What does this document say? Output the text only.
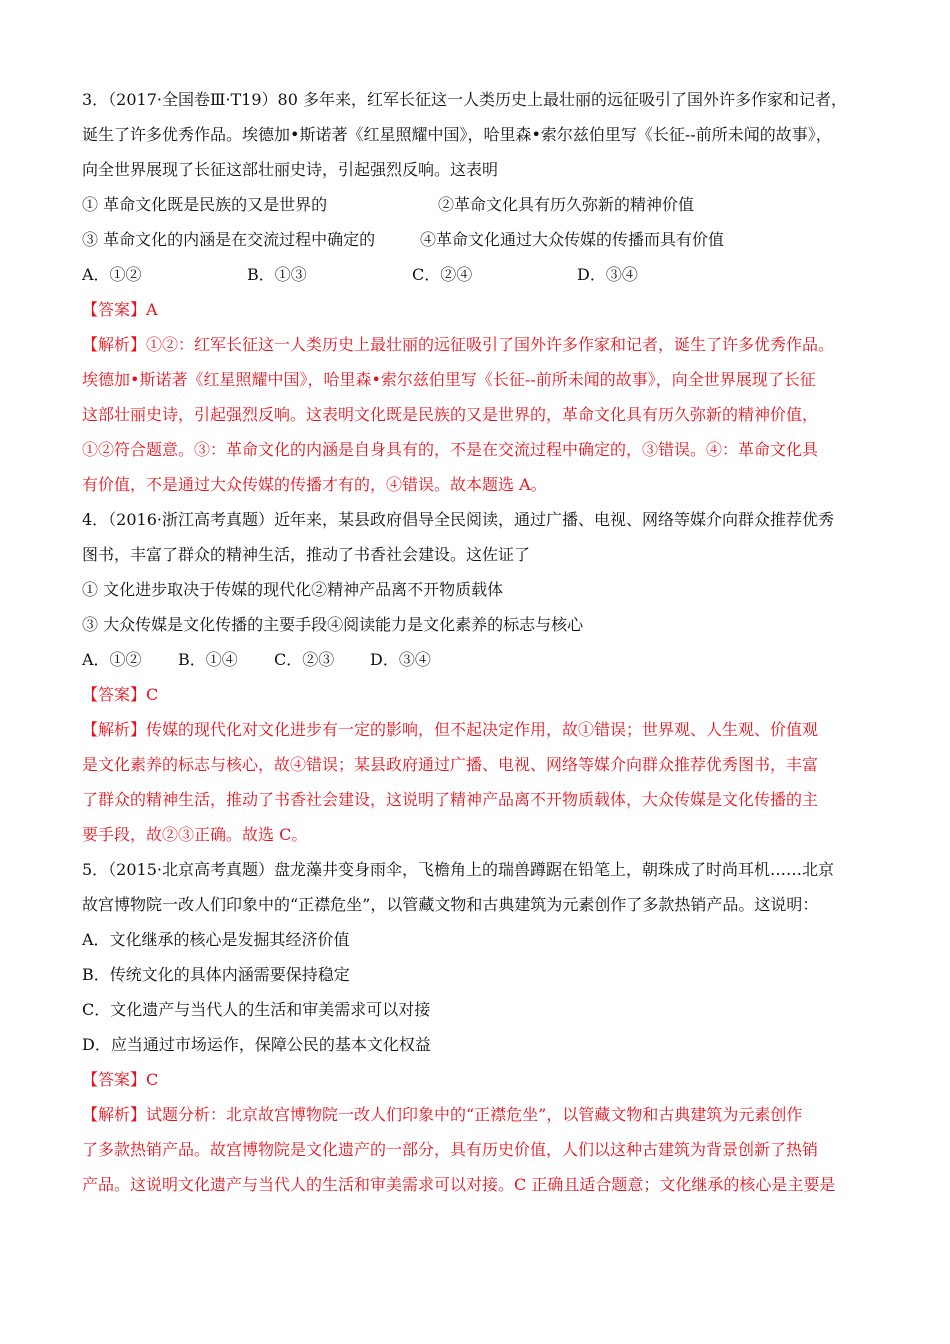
3．（2017·全国卷Ⅲ·T19）80 多年来，红军长征这一人类历史上最壮丽的远征吸引了国外许多作家和记者，
诞生了许多优秀作品。埃德加•斯诺著《红星照耀中国》，哈里森•索尔兹伯里写《长征--前所未闻的故事》，
向全世界展现了长征这部壮丽史诗，引起强烈反响。这表明
① 革命文化既是民族的又是世界的	②革命文化具有历久弥新的精神价值
③ 革命文化的内涵是在交流过程中确定的	④革命文化通过大众传媒的传播而具有价值
A．①②	B．①③	C．②④	D．③④
【答案】A
【解析】①②：红军长征这一人类历史上最壮丽的远征吸引了国外许多作家和记者，诞生了许多优秀作品。
埃德加•斯诺著《红星照耀中国》，哈里森•索尔兹伯里写《长征--前所未闻的故事》，向全世界展现了长征
这部壮丽史诗，引起强烈反响。这表明文化既是民族的又是世界的，革命文化具有历久弥新的精神价值，
①②符合题意。③：革命文化的内涵是自身具有的，不是在交流过程中确定的，③错误。④：革命文化具
有价值，不是通过大众传媒的传播才有的，④错误。故本题选 A。
4．（2016·浙江高考真题）近年来，某县政府倡导全民阅读，通过广播、电视、网络等媒介向群众推荐优秀
图书，丰富了群众的精神生活，推动了书香社会建设。这佐证了
① 文化进步取决于传媒的现代化②精神产品离不开物质载体
③ 大众传媒是文化传播的主要手段④阅读能力是文化素养的标志与核心
A．①②	B．①④	C．②③	D．③④
【答案】C
【解析】传媒的现代化对文化进步有一定的影响，但不起决定作用，故①错误；世界观、人生观、价值观
是文化素养的标志与核心，故④错误；某县政府通过广播、电视、网络等媒介向群众推荐优秀图书，丰富
了群众的精神生活，推动了书香社会建设，这说明了精神产品离不开物质载体，大众传媒是文化传播的主
要手段，故②③正确。故选 C。
5．（2015·北京高考真题）盘龙藻井变身雨伞，飞檐角上的瑞兽蹲踞在铅笔上，朝珠成了时尚耳机……北京
故宫博物院一改人们印象中的“正襟危坐”，以管藏文物和古典建筑为元素创作了多款热销产品。这说明：
A．文化继承的核心是发掘其经济价值
B．传统文化的具体内涵需要保持稳定
C．文化遗产与当代人的生活和审美需求可以对接
D．应当通过市场运作，保障公民的基本文化权益
【答案】C
【解析】试题分析：北京故宫博物院一改人们印象中的“正襟危坐”，以管藏文物和古典建筑为元素创作
了多款热销产品。故宫博物院是文化遗产的一部分，具有历史价值，人们以这种古建筑为背景创新了热销
产品。这说明文化遗产与当代人的生活和审美需求可以对接。C 正确且适合题意；文化继承的核心是主要是
